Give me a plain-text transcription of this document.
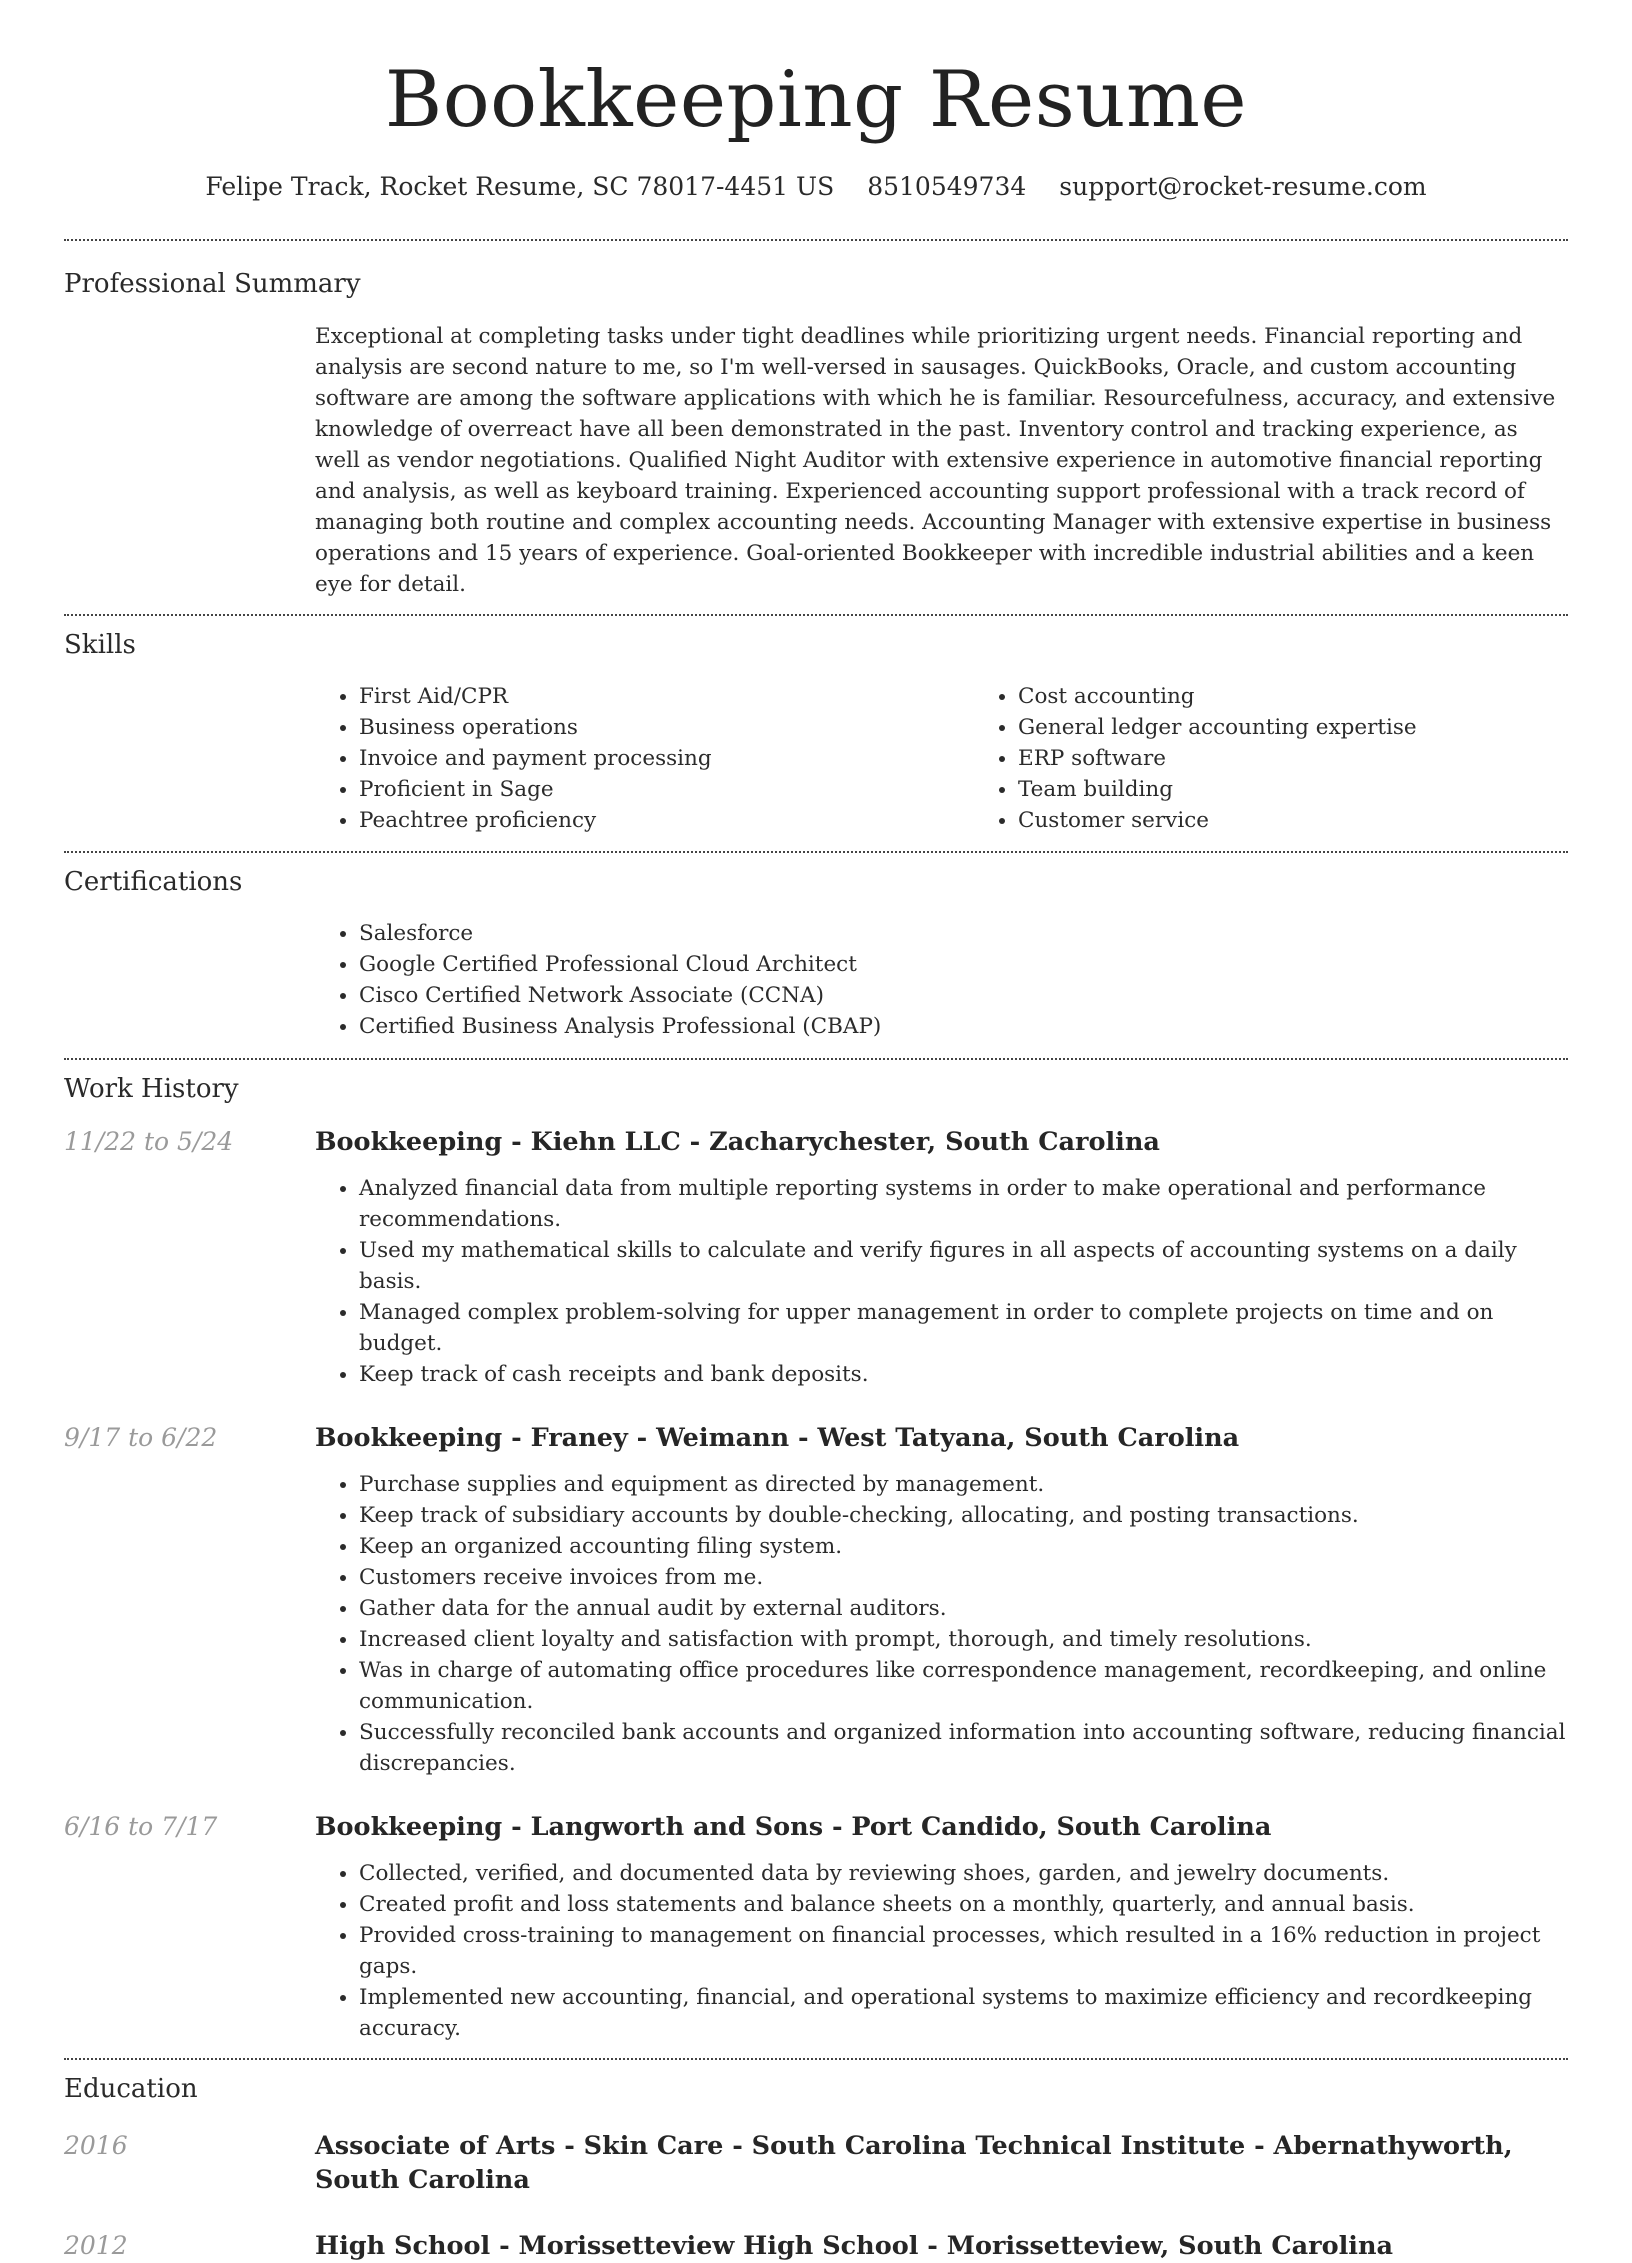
Bookkeeping Resume
Felipe Track, Rocket Resume, SC 78017-4451 US 8510549734 support@rocket-resume.com
Professional Summary

Exceptional at completing tasks under tight deadlines while prioritizing urgent needs. Financial reporting and analysis are second nature to me, so I'm well-versed in sausages. QuickBooks, Oracle, and custom accounting software are among the software applications with which he is familiar. Resourcefulness, accuracy, and extensive knowledge of overreact have all been demonstrated in the past. Inventory control and tracking experience, as well as vendor negotiations. Qualified Night Auditor with extensive experience in automotive financial reporting and analysis, as well as keyboard training. Experienced accounting support professional with a track record of managing both routine and complex accounting needs. Accounting Manager with extensive expertise in business operations and 15 years of experience. Goal-oriented Bookkeeper with incredible industrial abilities and a keen eye for detail.

Skills
• First Aid/CPR
• Business operations
• Invoice and payment processing
• Proficient in Sage
• Peachtree proficiency
• Cost accounting
• General ledger accounting expertise
• ERP software
• Team building
• Customer service
Certifications
• Salesforce
• Google Certified Professional Cloud Architect
• Cisco Certified Network Associate (CCNA)
• Certified Business Analysis Professional (CBAP)
Work History
11/22 to 5/24	Bookkeeping - Kiehn LLC - Zacharychester, South Carolina
• Analyzed financial data from multiple reporting systems in order to make operational and performance recommendations.
• Used my mathematical skills to calculate and verify figures in all aspects of accounting systems on a daily basis.
• Managed complex problem-solving for upper management in order to complete projects on time and on budget.
• Keep track of cash receipts and bank deposits.
9/17 to 6/22	Bookkeeping - Franey - Weimann - West Tatyana, South Carolina
• Purchase supplies and equipment as directed by management.
• Keep track of subsidiary accounts by double-checking, allocating, and posting transactions.
• Keep an organized accounting filing system.
• Customers receive invoices from me.
• Gather data for the annual audit by external auditors.
• Increased client loyalty and satisfaction with prompt, thorough, and timely resolutions.
• Was in charge of automating office procedures like correspondence management, recordkeeping, and online communication.
• Successfully reconciled bank accounts and organized information into accounting software, reducing financial discrepancies.
6/16 to 7/17	Bookkeeping - Langworth and Sons - Port Candido, South Carolina
• Collected, verified, and documented data by reviewing shoes, garden, and jewelry documents.
• Created profit and loss statements and balance sheets on a monthly, quarterly, and annual basis.
• Provided cross-training to management on financial processes, which resulted in a 16% reduction in project gaps.
• Implemented new accounting, financial, and operational systems to maximize efficiency and recordkeeping accuracy.
Education
2016	Associate of Arts - Skin Care - South Carolina Technical Institute - Abernathyworth, South Carolina
2012	High School - Morissetteview High School - Morissetteview, South Carolina
